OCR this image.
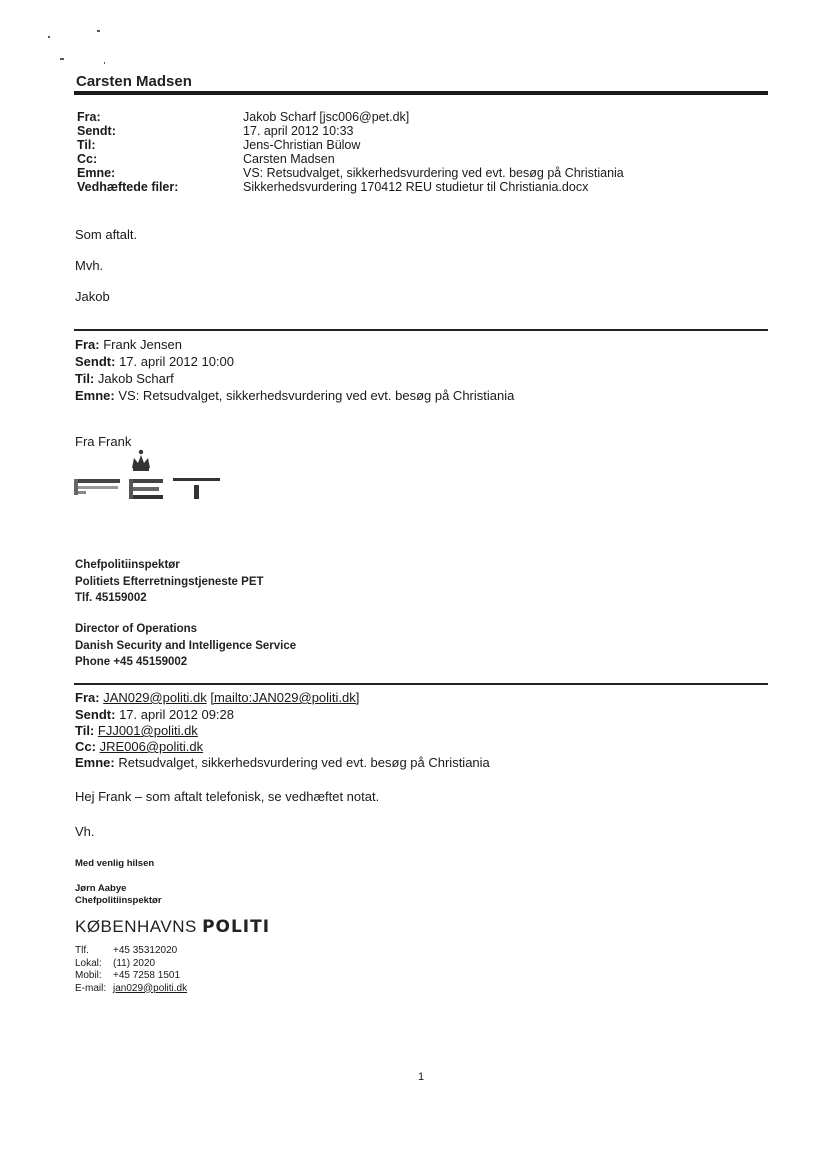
Carsten Madsen
Fra:	Jakob Scharf [jsc006@pet.dk]
Sendt:	17. april 2012 10:33
Til:	Jens-Christian Bülow
Cc:	Carsten Madsen
Emne:	VS: Retsudvalget, sikkerhedsvurdering ved evt. besøg på Christiania
Vedhæftede filer:	Sikkerhedsvurdering 170412 REU studietur til Christiania.docx
Som aftalt.
Mvh.
Jakob
Fra: Frank Jensen
Sendt: 17. april 2012 10:00
Til: Jakob Scharf
Emne: VS: Retsudvalget, sikkerhedsvurdering ved evt. besøg på Christiania
Fra Frank
Chefpolitiinspektør
Politiets Efterretningstjeneste PET
Tlf. 45159002
Director of Operations
Danish Security and Intelligence Service
Phone +45 45159002
Fra: JAN029@politi.dk [mailto:JAN029@politi.dk]
Sendt: 17. april 2012 09:28
Til: FJJ001@politi.dk
Cc: JRE006@politi.dk
Emne: Retsudvalget, sikkerhedsvurdering ved evt. besøg på Christiania
Hej Frank – som aftalt telefonisk, se vedhæftet notat.
Vh.
Med venlig hilsen
Jørn Aabye
Chefpolitiinspektør
KØBENHAVNS POLITI
Tlf. +45 35312020
Lokal: (11) 2020
Mobil: +45 7258 1501
E-mail: jan029@politi.dk
1
